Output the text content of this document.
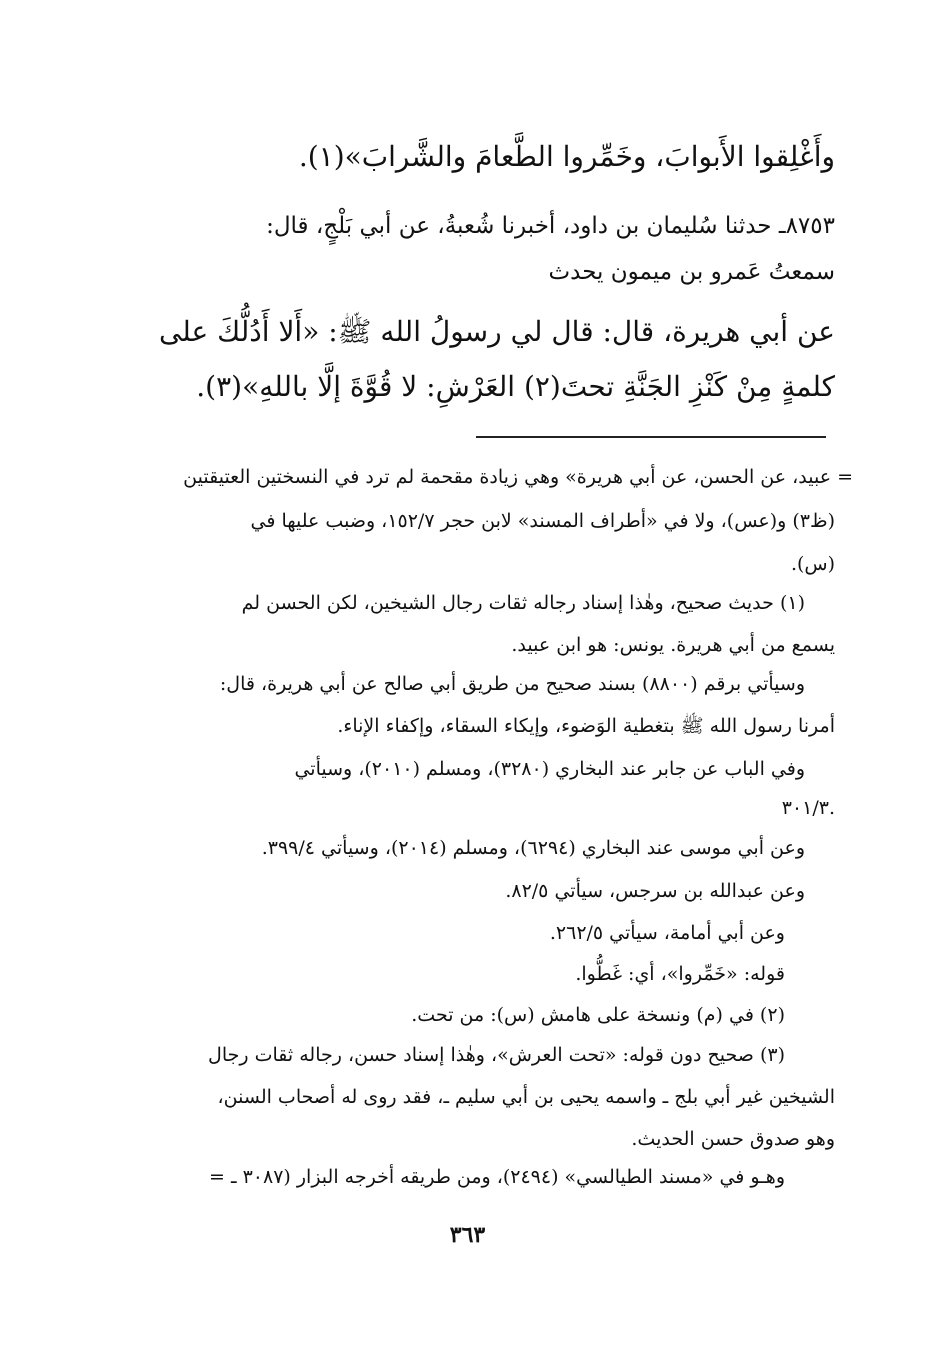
وأَغْلِقوا الأَبوابَ، وخَمِّروا الطَّعامَ والشَّرابَ»(١).
٨٧٥٣ـ حدثنا سُليمان بن داود، أخبرنا شُعبةُ، عن أبي بَلْجٍ، قال:
سمعتُ عَمرو بن ميمون يحدث
عن أبي هريرة، قال: قال لي رسولُ الله ﷺ: «أَلا أَدُلُّكَ على
كلمةٍ مِنْ كَنْزِ الجَنَّةِ تحتَ(٢) العَرْشِ: لا قُوَّةَ إلَّا باللهِ»(٣).
= عبيد، عن الحسن، عن أبي هريرة» وهي زيادة مقحمة لم ترد في النسختين العتيقتين
(ظ٣) و(عس)، ولا في «أطراف المسند» لابن حجر ١٥٢/٧، وضبب عليها في
(س).
(١) حديث صحيح، وهٰذا إسناد رجاله ثقات رجال الشيخين، لكن الحسن لم
يسمع من أبي هريرة. يونس: هو ابن عبيد.
وسيأتي برقم (٨٨٠٠) بسند صحيح من طريق أبي صالح عن أبي هريرة، قال:
أمرنا رسول الله ﷺ بتغطية الوَضوء، وإيكاء السقاء، وإكفاء الإناء.
وفي الباب عن جابر عند البخاري (٣٢٨٠)، ومسلم (٢٠١٠)، وسيأتي
٣٠١/٣.
وعن أبي موسى عند البخاري (٦٢٩٤)، ومسلم (٢٠١٤)، وسيأتي ٣٩٩/٤.
وعن عبدالله بن سرجس، سيأتي ٨٢/٥.
وعن أبي أمامة، سيأتي ٢٦٢/٥.
قوله: «خَمِّروا»، أي: غَطُّوا.
(٢) في (م) ونسخة على هامش (س): من تحت.
(٣) صحيح دون قوله: «تحت العرش»، وهٰذا إسناد حسن، رجاله ثقات رجال
الشيخين غير أبي بلج ـ واسمه يحيى بن أبي سليم ـ، فقد روى له أصحاب السنن،
وهو صدوق حسن الحديث.
وهـو في «مسند الطيالسي» (٢٤٩٤)، ومن طريقه أخرجه البزار (٣٠٨٧ ـ =
٣٦٣
